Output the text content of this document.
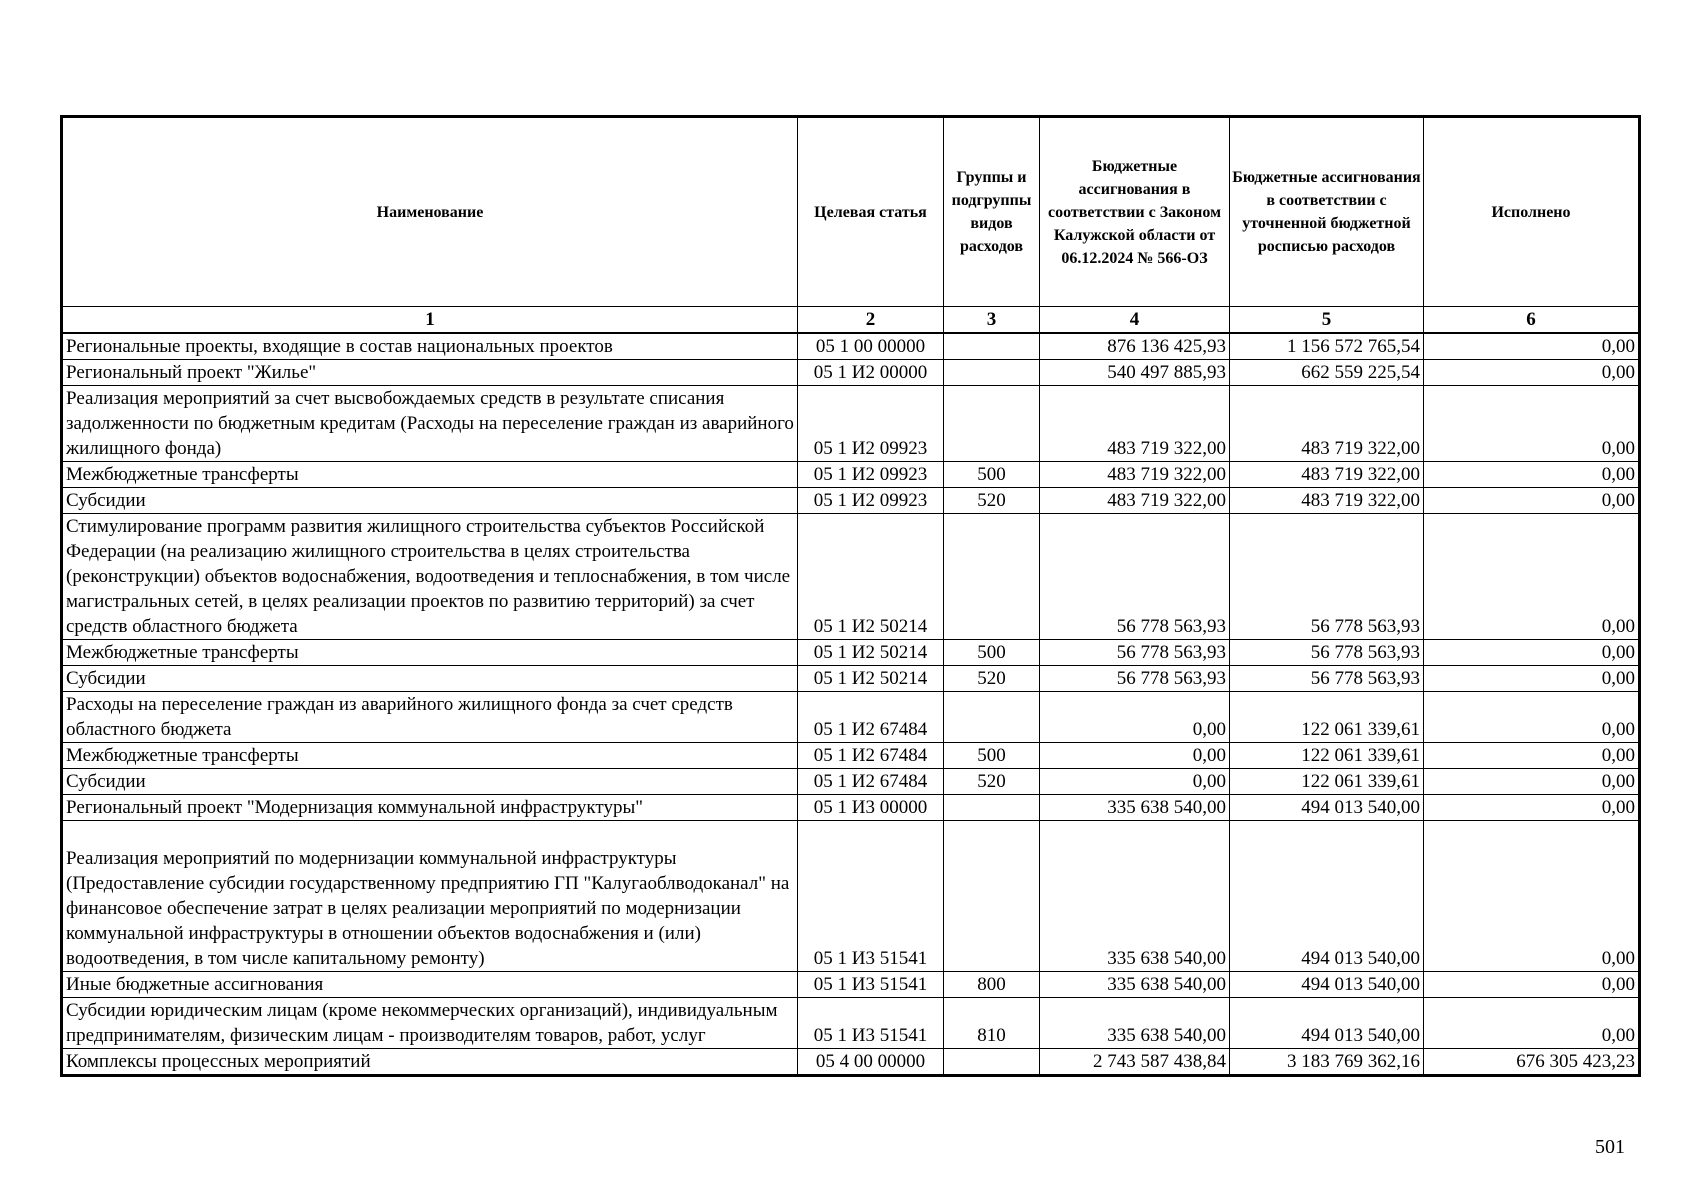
Наименование	Целевая статья	Группы и подгруппы видов расходов	Бюджетные ассигнования в соответствии с Законом Калужской области от 06.12.2024 № 566-ОЗ	Бюджетные ассигнования в соответствии с уточненной бюджетной росписью расходов	Исполнено
1	2	3	4	5	6
Региональные проекты, входящие в состав национальных проектов	05 1 00 00000		876 136 425,93	1 156 572 765,54	0,00
Региональный проект "Жилье"	05 1 И2 00000		540 497 885,93	662 559 225,54	0,00
Реализация мероприятий за счет высвобождаемых средств в результате списания задолженности по бюджетным кредитам (Расходы на переселение граждан из аварийного жилищного фонда)	05 1 И2 09923		483 719 322,00	483 719 322,00	0,00
Межбюджетные трансферты	05 1 И2 09923	500	483 719 322,00	483 719 322,00	0,00
Субсидии	05 1 И2 09923	520	483 719 322,00	483 719 322,00	0,00
Стимулирование программ развития жилищного строительства субъектов Российской Федерации (на реализацию жилищного строительства в целях строительства (реконструкции) объектов водоснабжения, водоотведения и теплоснабжения, в том числе магистральных сетей, в целях реализации проектов по развитию территорий) за счет средств областного бюджета	05 1 И2 50214		56 778 563,93	56 778 563,93	0,00
Межбюджетные трансферты	05 1 И2 50214	500	56 778 563,93	56 778 563,93	0,00
Субсидии	05 1 И2 50214	520	56 778 563,93	56 778 563,93	0,00
Расходы на переселение граждан из аварийного жилищного фонда за счет средств областного бюджета	05 1 И2 67484		0,00	122 061 339,61	0,00
Межбюджетные трансферты	05 1 И2 67484	500	0,00	122 061 339,61	0,00
Субсидии	05 1 И2 67484	520	0,00	122 061 339,61	0,00
Региональный проект "Модернизация коммунальной инфраструктуры"	05 1 И3 00000		335 638 540,00	494 013 540,00	0,00
Реализация мероприятий по модернизации коммунальной инфраструктуры (Предоставление субсидии государственному предприятию ГП "Калугаоблводоканал" на финансовое обеспечение затрат в целях реализации мероприятий по модернизации коммунальной инфраструктуры в отношении объектов водоснабжения и (или) водоотведения, в том числе капитальному ремонту)	05 1 И3 51541		335 638 540,00	494 013 540,00	0,00
Иные бюджетные ассигнования	05 1 И3 51541	800	335 638 540,00	494 013 540,00	0,00
Субсидии юридическим лицам (кроме некоммерческих организаций), индивидуальным предпринимателям, физическим лицам - производителям товаров, работ, услуг	05 1 И3 51541	810	335 638 540,00	494 013 540,00	0,00
Комплексы процессных мероприятий	05 4 00 00000		2 743 587 438,84	3 183 769 362,16	676 305 423,23
501
